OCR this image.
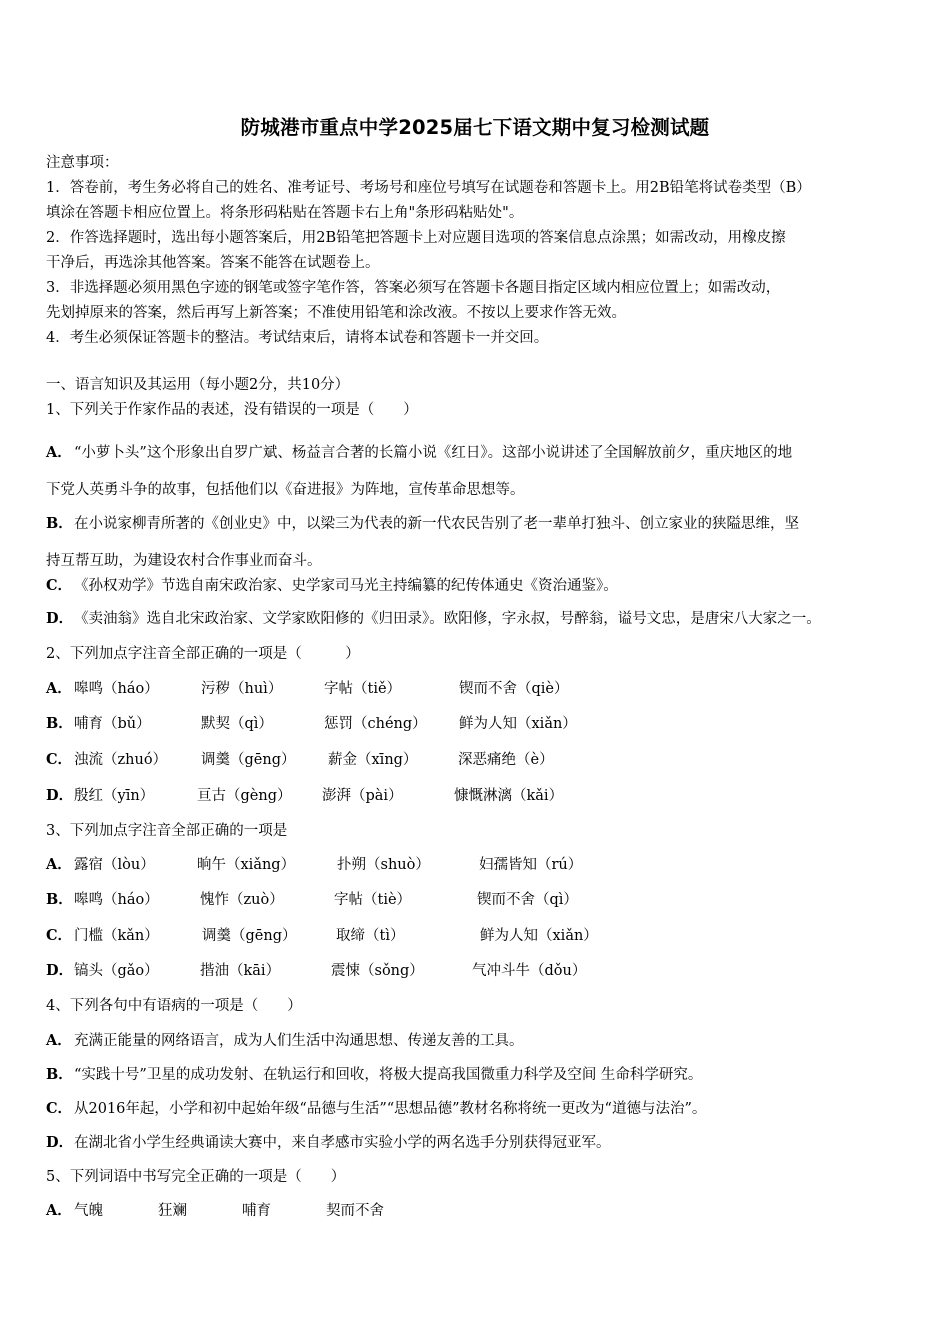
防城港市重点中学2025届七下语文期中复习检测试题
注意事项：
1．答卷前，考生务必将自己的姓名、准考证号、考场号和座位号填写在试题卷和答题卡上。用2B铅笔将试卷类型（B）
填涂在答题卡相应位置上。将条形码粘贴在答题卡右上角"条形码粘贴处"。
2．作答选择题时，选出每小题答案后，用2B铅笔把答题卡上对应题目选项的答案信息点涂黑；如需改动，用橡皮擦
干净后，再选涂其他答案。答案不能答在试题卷上。
3．非选择题必须用黑色字迹的钢笔或签字笔作答，答案必须写在答题卡各题目指定区域内相应位置上；如需改动，
先划掉原来的答案，然后再写上新答案；不准使用铅笔和涂改液。不按以上要求作答无效。
4．考生必须保证答题卡的整洁。考试结束后，请将本试卷和答题卡一并交回。
一、语言知识及其运用（每小题2分，共10分）
1、下列关于作家作品的表述，没有错误的一项是（　　）
A． “小萝卜头”这个形象出自罗广斌、杨益言合著的长篇小说《红日》。这部小说讲述了全国解放前夕，重庆地区的地
下党人英勇斗争的故事，包括他们以《奋进报》为阵地，宣传革命思想等。
B．在小说家柳青所著的《创业史》中，以梁三为代表的新一代农民告别了老一辈单打独斗、创立家业的狭隘思维，坚
持互帮互助，为建设农村合作事业而奋斗。
C． 《孙权劝学》节选自南宋政治家、史学家司马光主持编纂的纪传体通史《资治通鉴》。
D．《卖油翁》选自北宋政治家、文学家欧阳修的《归田录》。欧阳修，字永叔，号醉翁，谥号文忠，是唐宋八大家之一。
2、下列加点字注音全部正确的一项是（　　　）
A． 嗥鸣（háo）	污秽（huì）	字帖（tiě）	锲而不舍（qiè）
B． 哺育（bǔ）	默契（qì）	惩罚（chéng） 鲜为人知（xiǎn）
C． 浊流（zhuó） 调羹（gēng） 薪金（xīng）	深恶痛绝（è）
D． 殷红（yīn）	亘古（gèng） 澎湃（pài）	慷慨淋漓（kǎi）
3、下列加点字注音全部正确的一项是
A． 露宿（lòu）	晌午（xiǎng）	扑朔（shuò）	妇孺皆知（rú）
B． 嗥鸣（háo）	愧怍（zuò）	字帖（tiè）	锲而不舍（qì）
C． 门槛（kǎn）	调羹（gēng）	取缔（tì）	鲜为人知（xiǎn）
D． 镐头（gǎo）	揩油（kāi）	震悚（sǒng）	气冲斗牛（dǒu）
4、下列各句中有语病的一项是（　　）
A． 充满正能量的网络语言，成为人们生活中沟通思想、传递友善的工具。
B．“实践十号”卫星的成功发射、在轨运行和回收，将极大提高我国微重力科学及空间 生命科学研究。
C． 从2016年起，小学和初中起始年级“品德与生活”“思想品德”教材名称将统一更改为“道德与法治”。
D．在湖北省小学生经典诵读大赛中，来自孝感市实验小学的两名选手分别获得冠亚军。
5、下列词语中书写完全正确的一项是（　　）
A． 气魄	狂斓	哺育	契而不舍
